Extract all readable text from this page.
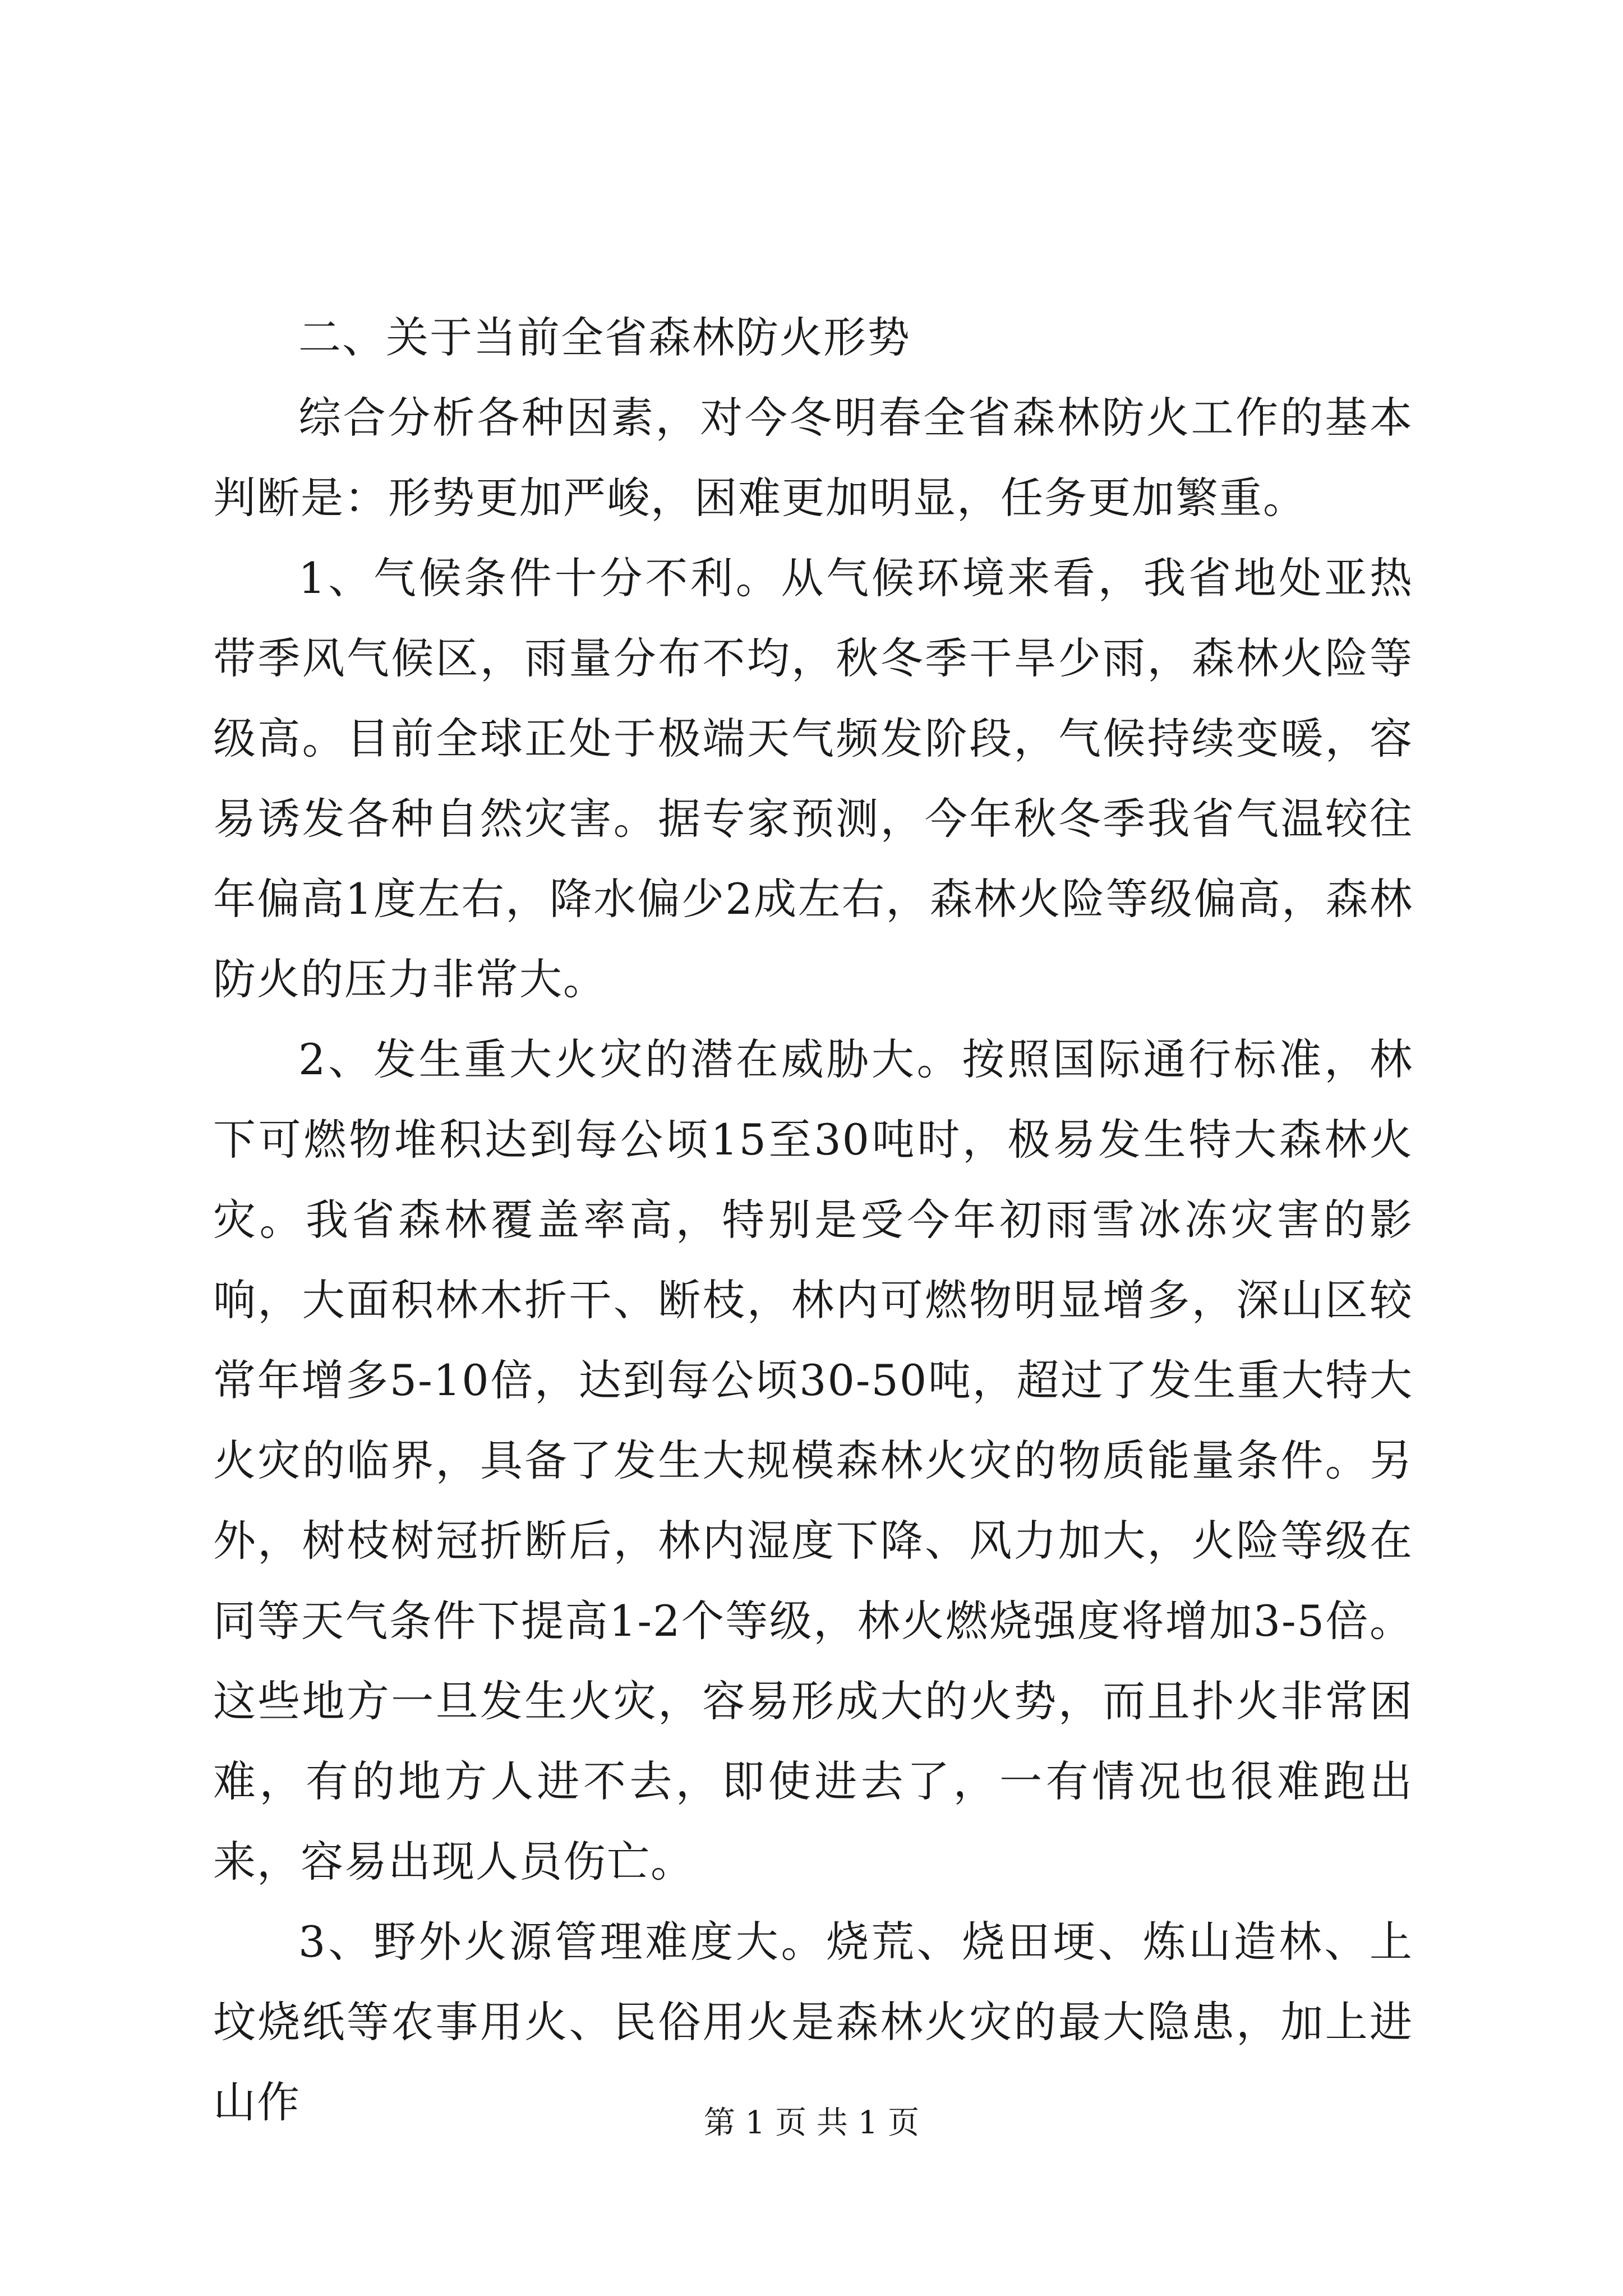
二、关于当前全省森林防火形势

综合分析各种因素，对今冬明春全省森林防火工作的基本判断是：形势更加严峻，困难更加明显，任务更加繁重。

1、气候条件十分不利。从气候环境来看，我省地处亚热带季风气候区，雨量分布不均，秋冬季干旱少雨，森林火险等级高。目前全球正处于极端天气频发阶段，气候持续变暖，容易诱发各种自然灾害。据专家预测，今年秋冬季我省气温较往年偏高1度左右，降水偏少2成左右，森林火险等级偏高，森林防火的压力非常大。

2、发生重大火灾的潜在威胁大。按照国际通行标准，林下可燃物堆积达到每公顷15至30吨时，极易发生特大森林火灾。我省森林覆盖率高，特别是受今年初雨雪冰冻灾害的影响，大面积林木折干、断枝，林内可燃物明显增多，深山区较常年增多5-10倍，达到每公顷30-50吨，超过了发生重大特大火灾的临界，具备了发生大规模森林火灾的物质能量条件。另外，树枝树冠折断后，林内湿度下降、风力加大，火险等级在同等天气条件下提高1-2个等级，林火燃烧强度将增加3-5倍。这些地方一旦发生火灾，容易形成大的火势，而且扑火非常困难，有的地方人进不去，即使进去了，一有情况也很难跑出来，容易出现人员伤亡。

3、野外火源管理难度大。烧荒、烧田埂、炼山造林、上坟烧纸等农事用火、民俗用火是森林火灾的最大隐患，加上进山作	第 1 页 共 1 页
